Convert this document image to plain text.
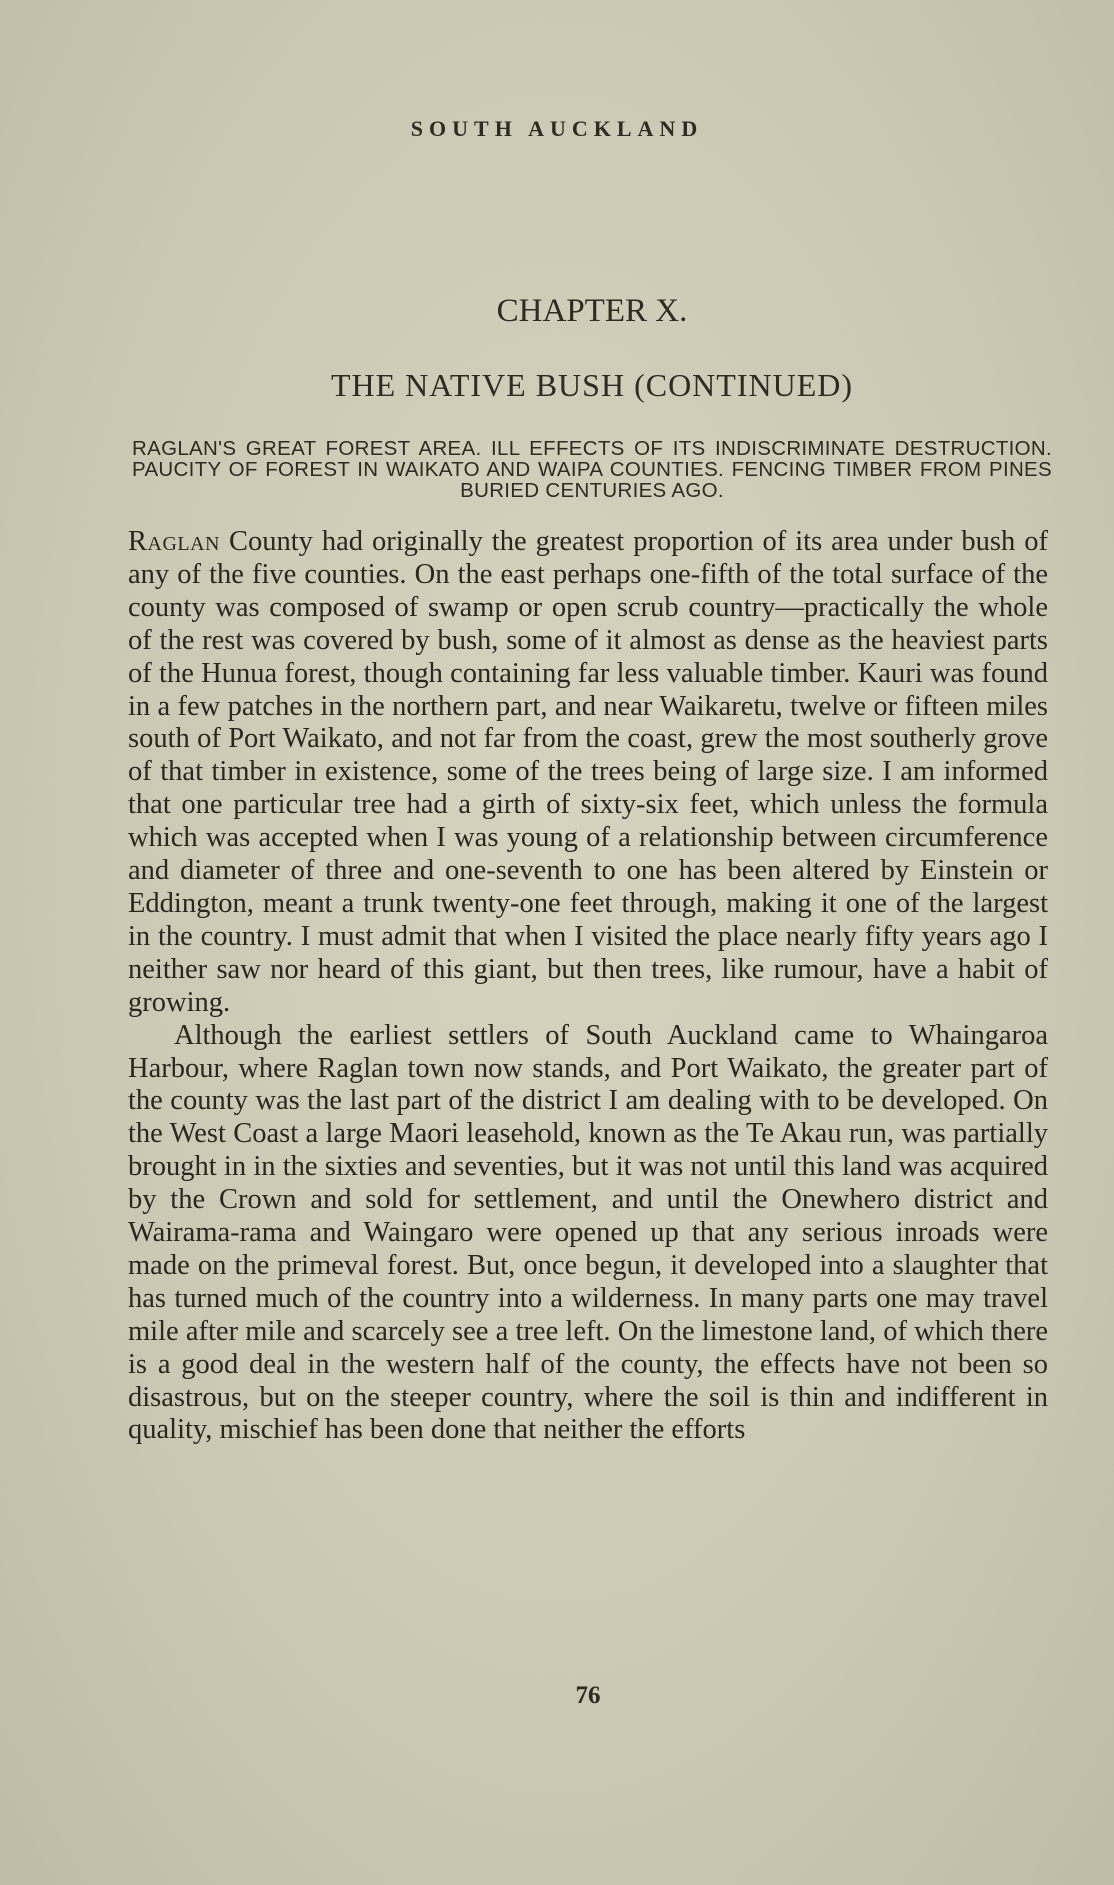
SOUTH AUCKLAND
CHAPTER X.
THE NATIVE BUSH (CONTINUED)
RAGLAN'S GREAT FOREST AREA. ILL EFFECTS OF ITS INDISCRIMINATE DESTRUCTION. PAUCITY OF FOREST IN WAIKATO AND WAIPA COUNTIES. FENCING TIMBER FROM PINES BURIED CENTURIES AGO.

Raglan County had originally the greatest proportion of its area under bush of any of the five counties. On the east perhaps one-fifth of the total surface of the county was composed of swamp or open scrub country—practically the whole of the rest was covered by bush, some of it almost as dense as the heaviest parts of the Hunua forest, though containing far less valuable timber. Kauri was found in a few patches in the northern part, and near Waikaretu, twelve or fifteen miles south of Port Waikato, and not far from the coast, grew the most southerly grove of that timber in existence, some of the trees being of large size. I am informed that one particular tree had a girth of sixty-six feet, which unless the formula which was accepted when I was young of a relationship between circumference and diameter of three and one-seventh to one has been altered by Einstein or Eddington, meant a trunk twenty-one feet through, making it one of the largest in the country. I must admit that when I visited the place nearly fifty years ago I neither saw nor heard of this giant, but then trees, like rumour, have a habit of growing.

Although the earliest settlers of South Auckland came to Whaingaroa Harbour, where Raglan town now stands, and Port Waikato, the greater part of the county was the last part of the district I am dealing with to be developed. On the West Coast a large Maori leasehold, known as the Te Akau run, was partially brought in in the sixties and seventies, but it was not until this land was acquired by the Crown and sold for settlement, and until the Onewhero district and Wairama-rama and Waingaro were opened up that any serious inroads were made on the primeval forest. But, once begun, it developed into a slaughter that has turned much of the country into a wilderness. In many parts one may travel mile after mile and scarcely see a tree left. On the limestone land, of which there is a good deal in the western half of the county, the effects have not been so disastrous, but on the steeper country, where the soil is thin and indifferent in quality, mischief has been done that neither the efforts

76
